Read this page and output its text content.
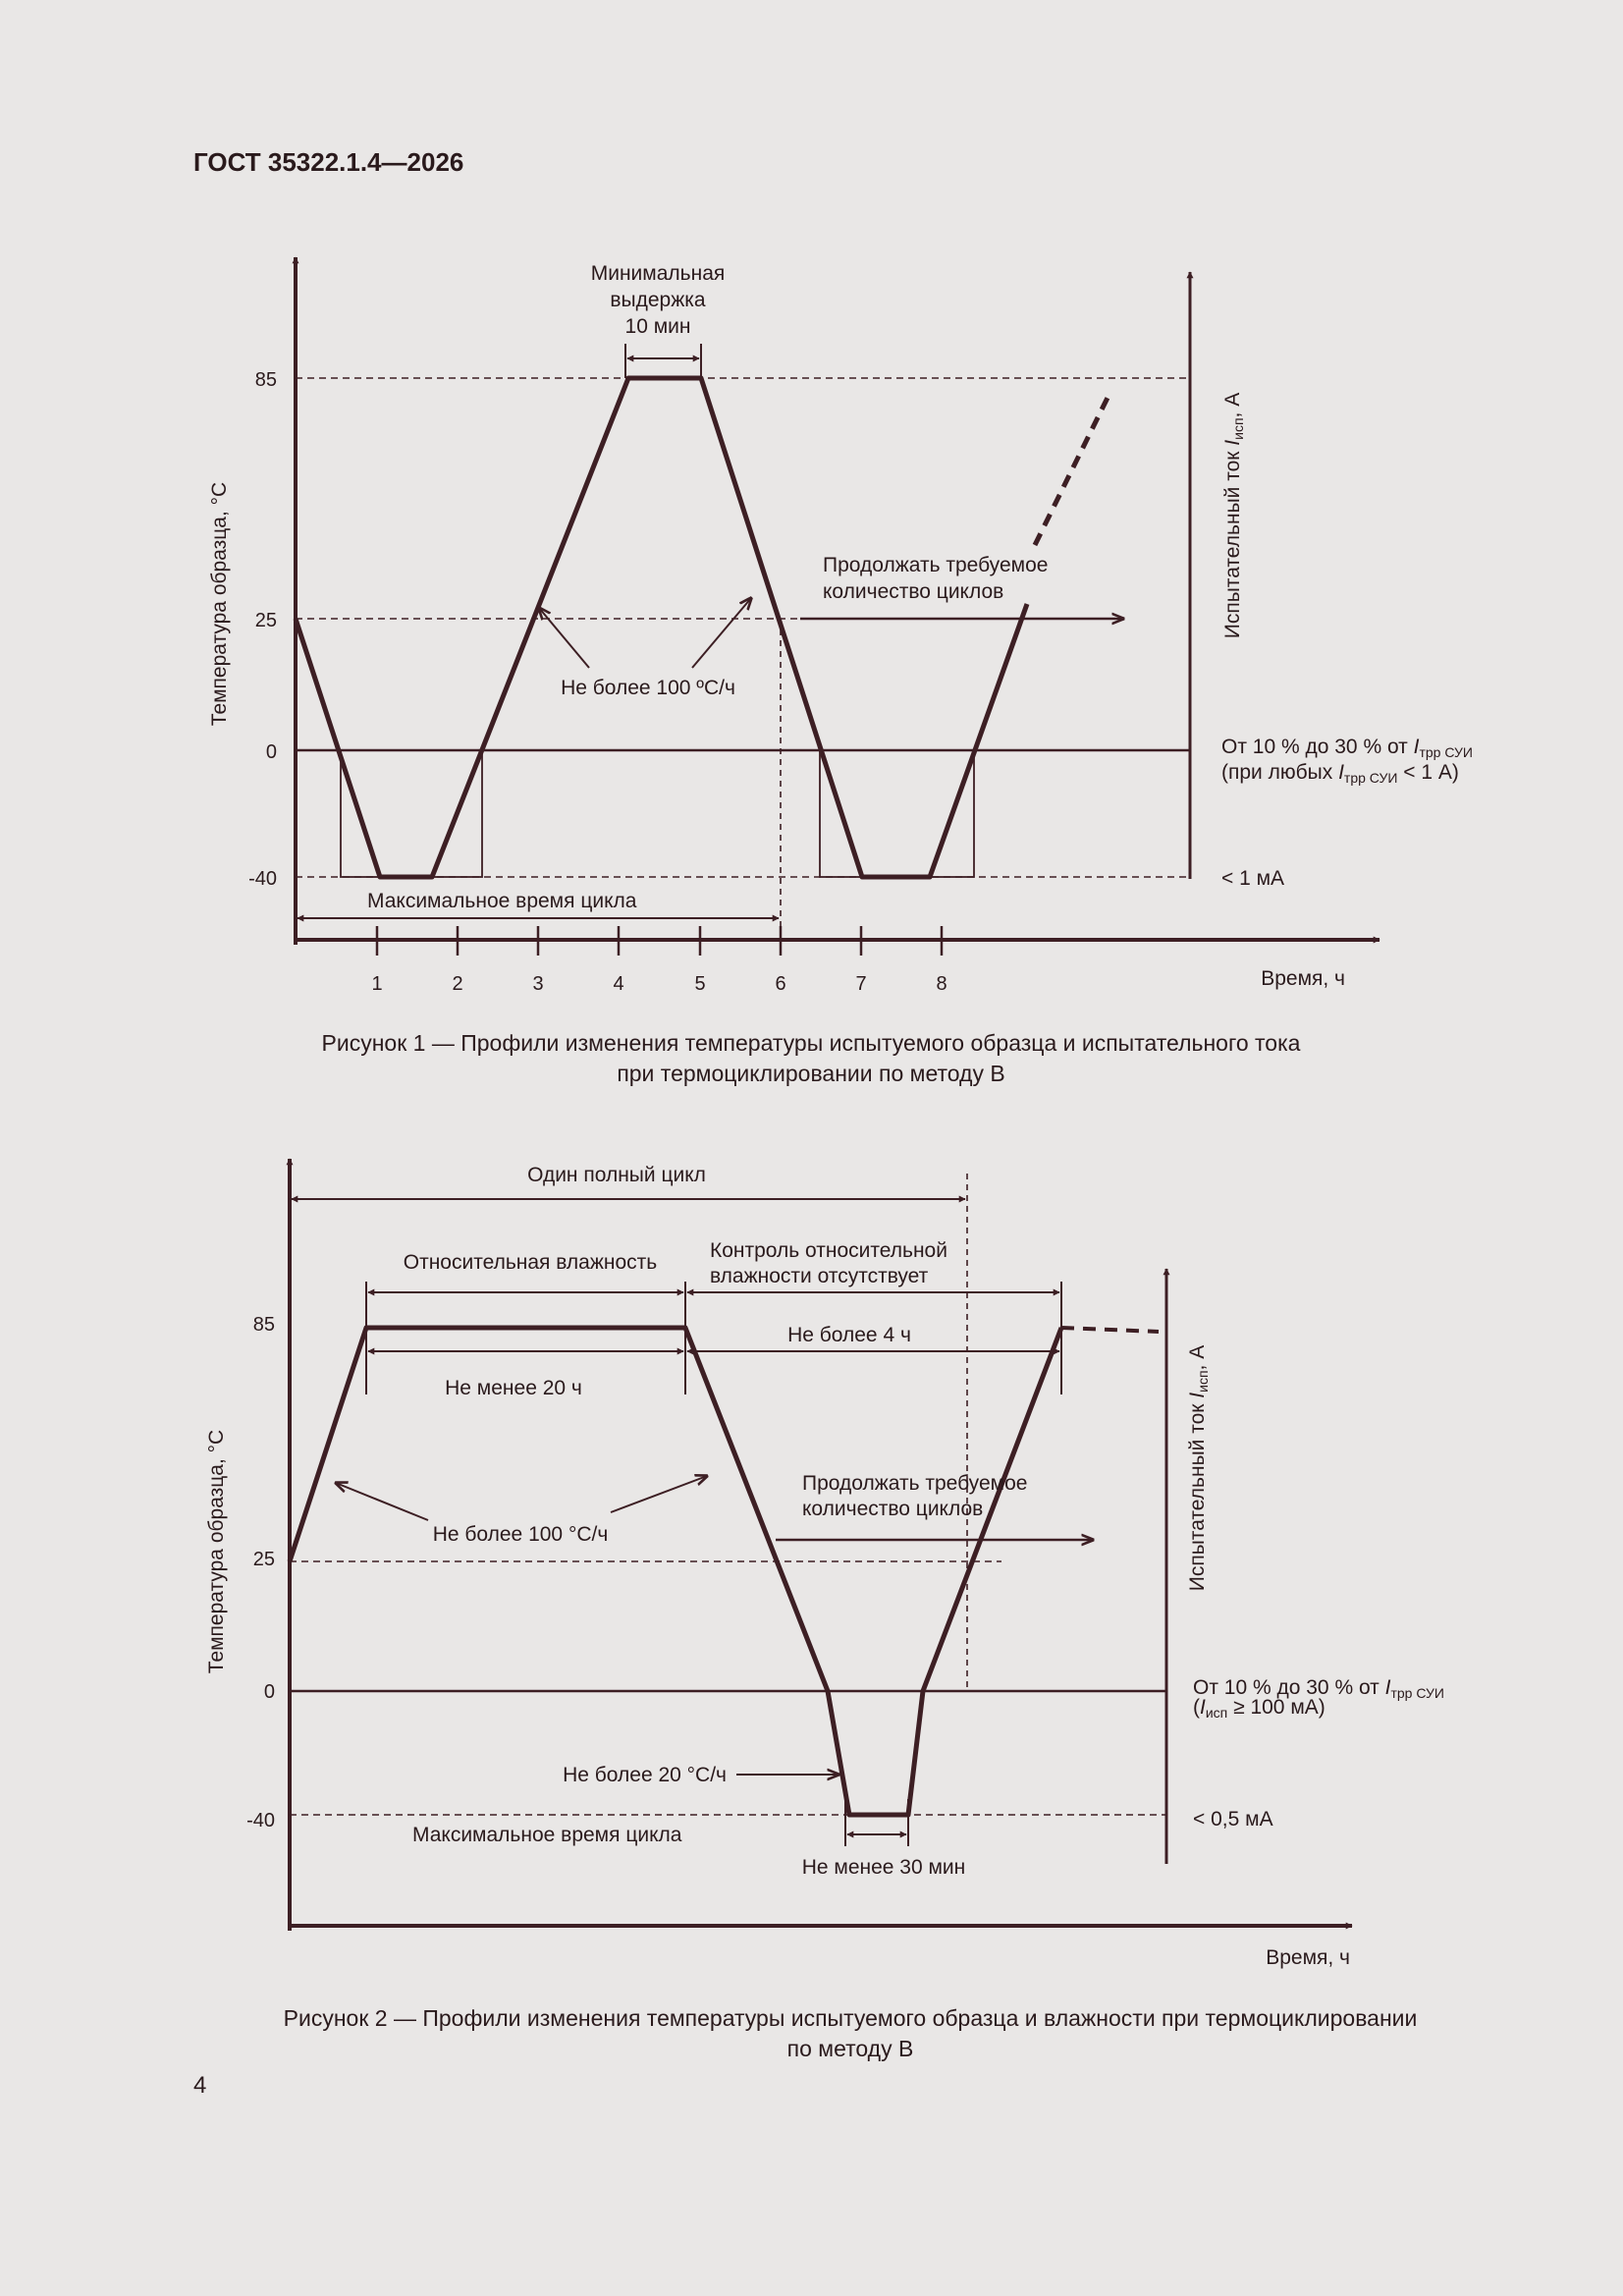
ГОСТ 35322.1.4—2026
4
1	2	3	4	5	6	7	8
85
25
0
-40
Температура образца, °С
Время, ч
Испытательный ток Iисп, А
Минимальная
выдержка
10 мин
Не более 100 ºС/ч
Продолжать требуемое
количество циклов
Максимальное время цикла
От 10 % до 30 % от Iтрр СУИ
(при любых Iтрр СУИ < 1 А)
< 1 мА
Рисунок 1 — Профили изменения температуры испытуемого образца и испытательного тока
при термоциклировании по методу В
85
25
0
-40
Температура образца, °С
Время, ч
Испытательный ток Iисп, А
Один полный цикл
Относительная влажность
Контроль относительной
влажности отсутствует
Не более 4 ч
Не менее 20 ч
Не более 100 °С/ч
Продолжать требуемое
количество циклов
Не более 20 °С/ч
Максимальное время цикла
Не менее 30 мин
От 10 % до 30 % от Iтрр СУИ
(Iисп ≥ 100 мА)
< 0,5 мА
Рисунок 2 — Профили изменения температуры испытуемого образца и влажности при термоциклировании
по методу В
